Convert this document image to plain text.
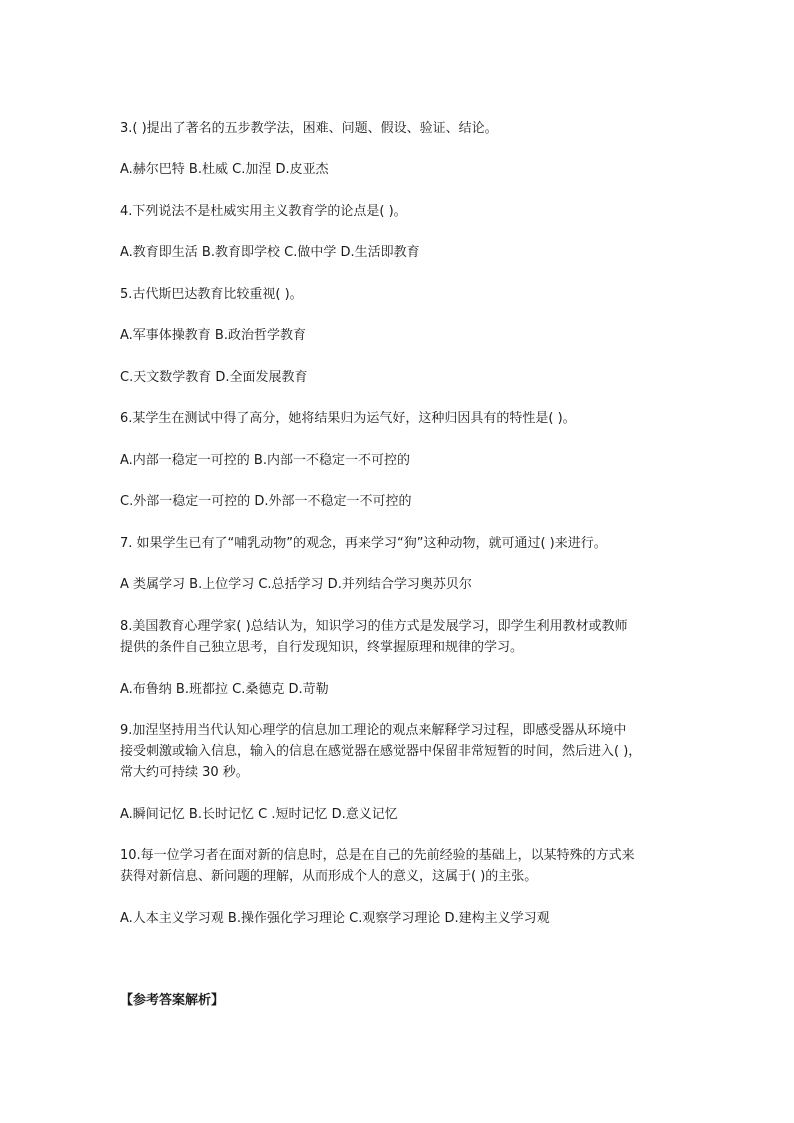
3.( )提出了著名的五步教学法，困难、问题、假设、验证、结论。
A.赫尔巴特 B.杜威 C.加涅 D.皮亚杰
4.下列说法不是杜威实用主义教育学的论点是( )。
A.教育即生活 B.教育即学校 C.做中学 D.生活即教育
5.古代斯巴达教育比较重视( )。
A.军事体操教育 B.政治哲学教育
C.天文数学教育 D.全面发展教育
6.某学生在测试中得了高分，她将结果归为运气好，这种归因具有的特性是( )。
A.内部一稳定一可控的 B.内部一不稳定一不可控的
C.外部一稳定一可控的 D.外部一不稳定一不可控的
7. 如果学生已有了“哺乳动物”的观念，再来学习“狗”这种动物，就可通过( )来进行。
A 类属学习 B.上位学习 C.总括学习 D.并列结合学习奥苏贝尔
8.美国教育心理学家( )总结认为，知识学习的佳方式是发展学习，即学生利用教材或教师
提供的条件自己独立思考，自行发现知识，终掌握原理和规律的学习。
A.布鲁纳 B.班都拉 C.桑德克 D.苛勒
9.加涅坚持用当代认知心理学的信息加工理论的观点来解释学习过程，即感受器从环境中
接受刺激或输入信息，输入的信息在感觉器在感觉器中保留非常短暂的时间，然后进入( )，
常大约可持续 30 秒。
A.瞬间记忆 B.长时记忆 C .短时记忆 D.意义记忆
10.每一位学习者在面对新的信息时，总是在自己的先前经验的基础上，以某特殊的方式来
获得对新信息、新问题的理解，从而形成个人的意义，这属于( )的主张。
A.人本主义学习观 B.操作强化学习理论 C.观察学习理论 D.建构主义学习观
【参考答案解析】
